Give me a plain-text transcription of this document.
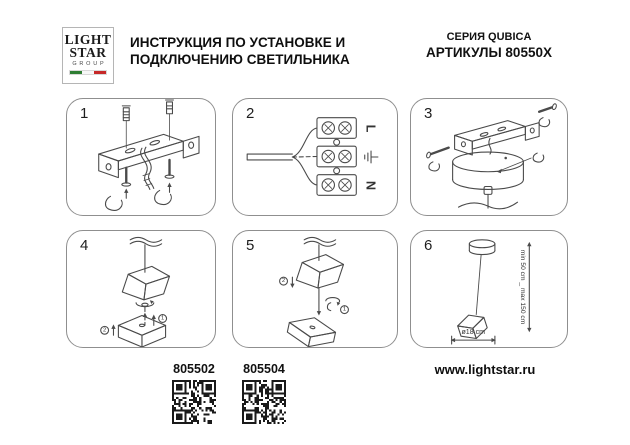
LIGHT
STAR
GROUP
ИНСТРУКЦИЯ ПО УСТАНОВКЕ И
ПОДКЛЮЧЕНИЮ СВЕТИЛЬНИКА
СЕРИЯ QUBICA
АРТИКУЛЫ 80550X
1	2
L
N
3
4
1
2
5
2
1
6
min 50 cm _ max 150 cm
ø18 cm
805502	805504	www.lightstar.ru
